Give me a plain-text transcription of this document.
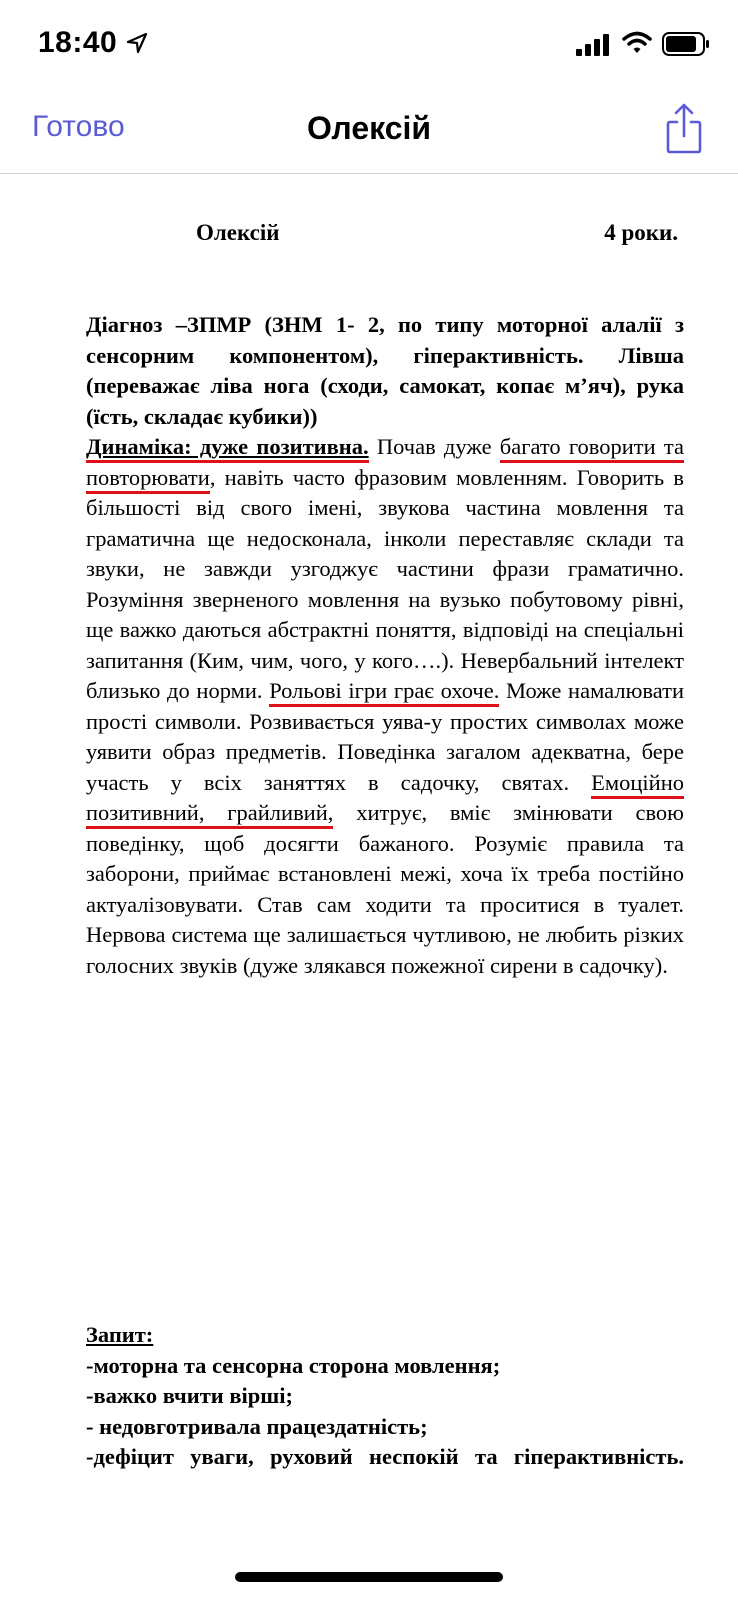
18:40
Готово	Олексій
Олексій	4 роки.
Діагноз –ЗПМР (ЗНМ 1- 2, по типу моторної алалії з сенсорним компонентом), гіперактивність. Лівша (переважає ліва нога (сходи, самокат, копає м’яч), рука (їсть, складає кубики))
Динаміка: дуже позитивна. Почав дуже багато говорити та повторювати, навіть часто фразовим мовленням. Говорить в більшості від свого імені, звукова частина мовлення та граматична ще недосконала, інколи переставляє склади та звуки, не завжди узгоджує частини фрази граматично. Розуміння зверненого мовлення на вузько побутовому рівні, ще важко даються абстрактні поняття, відповіді на спеціальні запитання (Ким, чим, чого, у кого….). Невербальний інтелект близько до норми. Рольові ігри грає охоче. Може намалювати прості символи. Розвивається уява-у простих символах може уявити образ предметів. Поведінка загалом адекватна, бере участь у всіх заняттях в садочку, святах. Емоційно позитивний, грайливий, хитрує, вміє змінювати свою поведінку, щоб досягти бажаного. Розуміє правила та заборони, приймає встановлені межі, хоча їх треба постійно актуалізовувати. Став сам ходити та проситися в туалет. Нервова система ще залишається чутливою, не любить різких голосних звуків (дуже злякався пожежної сирени в садочку).
Запит:
-моторна та сенсорна сторона мовлення;
-важко вчити вірші;
- недовготривала працездатність;
-дефіцит уваги, руховий неспокій та гіперактивність.
